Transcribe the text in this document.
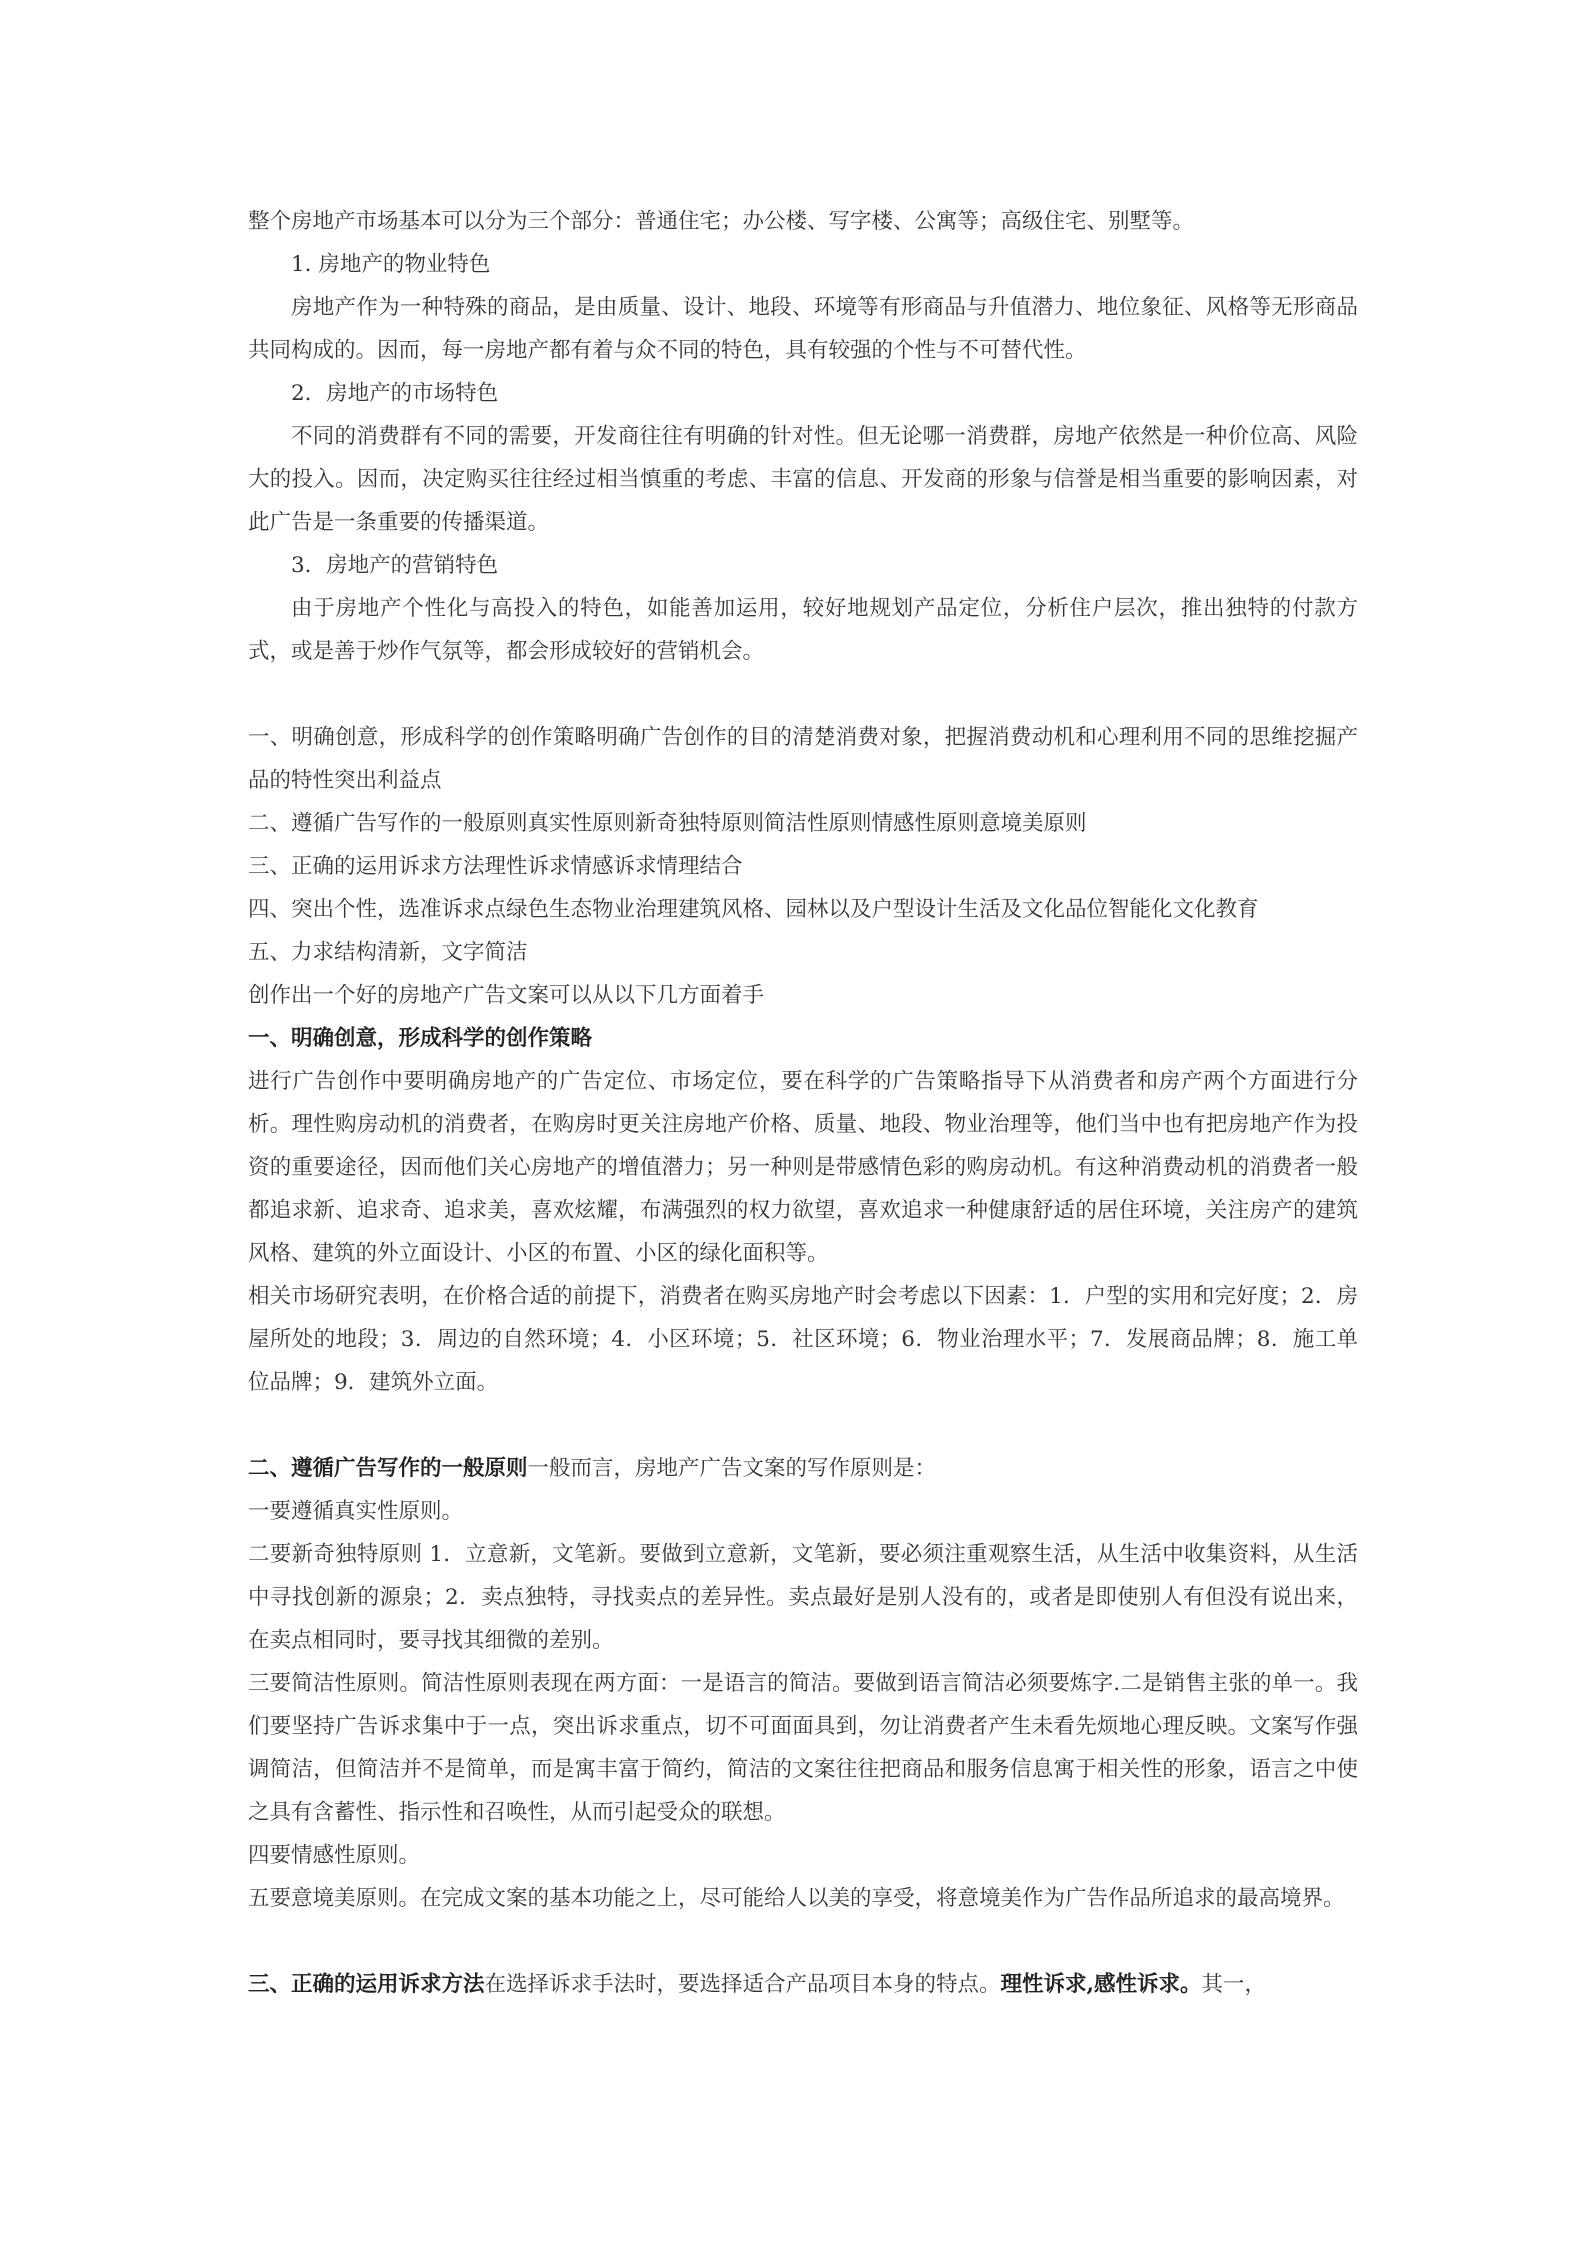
整个房地产市场基本可以分为三个部分：普通住宅；办公楼、写字楼、公寓等；高级住宅、别墅等。

1. 房地产的物业特色

房地产作为一种特殊的商品，是由质量、设计、地段、环境等有形商品与升值潜力、地位象征、风格等无形商品共同构成的。因而，每一房地产都有着与众不同的特色，具有较强的个性与不可替代性。

2．房地产的市场特色

不同的消费群有不同的需要，开发商往往有明确的针对性。但无论哪一消费群，房地产依然是一种价位高、风险大的投入。因而，决定购买往往经过相当慎重的考虑、丰富的信息、开发商的形象与信誉是相当重要的影响因素，对此广告是一条重要的传播渠道。

3．房地产的营销特色

由于房地产个性化与高投入的特色，如能善加运用，较好地规划产品定位，分析住户层次，推出独特的付款方式，或是善于炒作气氛等，都会形成较好的营销机会。

一、明确创意，形成科学的创作策略明确广告创作的目的清楚消费对象，把握消费动机和心理利用不同的思维挖掘产品的特性突出利益点

二、遵循广告写作的一般原则真实性原则新奇独特原则简洁性原则情感性原则意境美原则

三、正确的运用诉求方法理性诉求情感诉求情理结合

四、突出个性，选准诉求点绿色生态物业治理建筑风格、园林以及户型设计生活及文化品位智能化文化教育

五、力求结构清新，文字简洁

创作出一个好的房地产广告文案可以从以下几方面着手

一、明确创意，形成科学的创作策略

进行广告创作中要明确房地产的广告定位、市场定位，要在科学的广告策略指导下从消费者和房产两个方面进行分析。理性购房动机的消费者，在购房时更关注房地产价格、质量、地段、物业治理等，他们当中也有把房地产作为投资的重要途径，因而他们关心房地产的增值潜力；另一种则是带感情色彩的购房动机。有这种消费动机的消费者一般都追求新、追求奇、追求美，喜欢炫耀，布满强烈的权力欲望，喜欢追求一种健康舒适的居住环境，关注房产的建筑风格、建筑的外立面设计、小区的布置、小区的绿化面积等。

相关市场研究表明，在价格合适的前提下，消费者在购买房地产时会考虑以下因素：1．户型的实用和完好度；2．房屋所处的地段；3．周边的自然环境；4．小区环境；5．社区环境；6．物业治理水平；7．发展商品牌；8．施工单位品牌；9．建筑外立面。

二、遵循广告写作的一般原则一般而言，房地产广告文案的写作原则是：

一要遵循真实性原则。

二要新奇独特原则 1．立意新，文笔新。要做到立意新，文笔新，要必须注重观察生活，从生活中收集资料，从生活中寻找创新的源泉；2．卖点独特，寻找卖点的差异性。卖点最好是别人没有的，或者是即使别人有但没有说出来，在卖点相同时，要寻找其细微的差别。

三要简洁性原则。简洁性原则表现在两方面：一是语言的简洁。要做到语言简洁必须要炼字.二是销售主张的单一。我们要坚持广告诉求集中于一点，突出诉求重点，切不可面面具到，勿让消费者产生未看先烦地心理反映。文案写作强调简洁，但简洁并不是简单，而是寓丰富于简约，简洁的文案往往把商品和服务信息寓于相关性的形象，语言之中使之具有含蓄性、指示性和召唤性，从而引起受众的联想。

四要情感性原则。

五要意境美原则。在完成文案的基本功能之上，尽可能给人以美的享受，将意境美作为广告作品所追求的最高境界。

三、正确的运用诉求方法在选择诉求手法时，要选择适合产品项目本身的特点。理性诉求,感性诉求。其一，
